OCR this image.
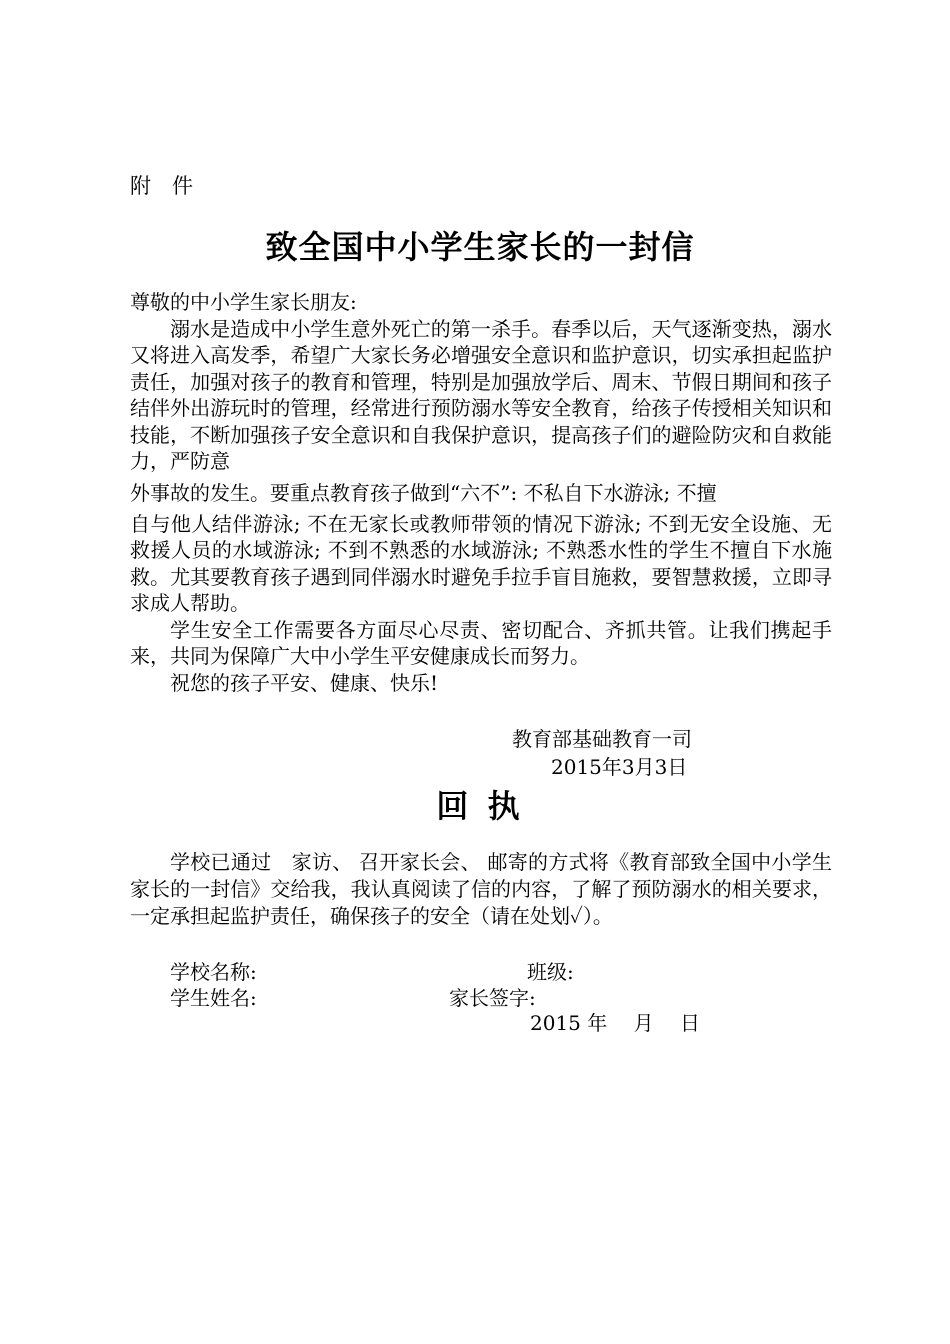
附　件
致全国中小学生家长的一封信

尊敬的中小学生家长朋友:

溺水是造成中小学生意外死亡的第一杀手。春季以后，天气逐渐变热，溺水又将进入高发季，希望广大家长务必增强安全意识和监护意识，切实承担起监护责任，加强对孩子的教育和管理，特别是加强放学后、周末、节假日期间和孩子结伴外出游玩时的管理，经常进行预防溺水等安全教育，给孩子传授相关知识和技能，不断加强孩子安全意识和自我保护意识，提高孩子们的避险防灾和自救能力，严防意

外事故的发生。要重点教育孩子做到“六不”: 不私自下水游泳; 不擅

自与他人结伴游泳; 不在无家长或教师带领的情况下游泳; 不到无安全设施、无救援人员的水域游泳; 不到不熟悉的水域游泳; 不熟悉水性的学生不擅自下水施救。尤其要教育孩子遇到同伴溺水时避免手拉手盲目施救，要智慧救援，立即寻求成人帮助。

学生安全工作需要各方面尽心尽责、密切配合、齐抓共管。让我们携起手来，共同为保障广大中小学生平安健康成长而努力。

祝您的孩子平安、健康、快乐!

教育部基础教育一司
2015年3月3日
回 执

学校已通过　家访、 召开家长会、 邮寄的方式将《教育部致全国中小学生家长的一封信》交给我，我认真阅读了信的内容，了解了预防溺水的相关要求，一定承担起监护责任，确保孩子的安全（请在处划✓）。

学校名称:	班级:
学生姓名:	家长签字:
2015 年　 月　 日
